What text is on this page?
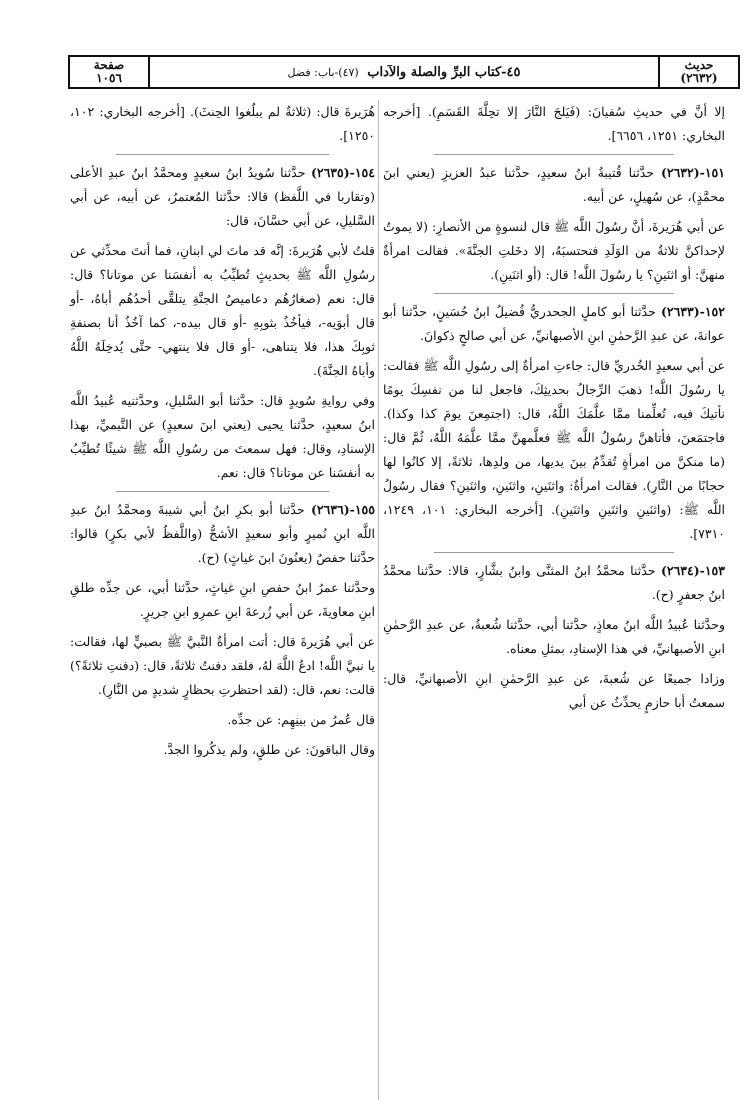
حديث
(٢٦٣٢)
٤٥-كتاب البرِّ والصلة والآداب (٤٧)-باب: فضل
صفحة
١٠٥٦

إلا أنَّ في حديثِ سُفيانَ: (فَيَلجَ النَّارَ إلا تحِلَّةَ القَسَمِ). [أخرجه البخاري: ١٢٥١، ٦٦٥٦].

١٥١-(٢٦٣٢) حدَّثنا قُتيبةُ ابنُ سعيدٍ، حدَّثنا عبدُ العزيزِ (يعني ابنَ محمَّدٍ)، عن سُهيلٍ، عن أبيه.

عن أبي هُرَيرةَ، أنَّ رسُولَ اللَّه ﷺ قال لنسوةٍ من الأنصارِ: (لا يموتُ لإحداكنَّ ثلاثةٌ من الوَلَدِ فتحتسبَهُ، إلا دخَلتِ الجنَّةَ». فقالت امرأةٌ منهنَّ: أو اثنَينِ؟ يا رسُولَ اللَّه! قال: (أو اثنَينِ).

١٥٢-(٢٦٣٣) حدَّثنا أبو كاملٍ الجحدريُّ فُضيلُ ابنُ حُسَينٍ، حدَّثنا أبو عوانةَ، عن عبدِ الرَّحمٰنِ ابنِ الأصبهانيِّ، عن أبي صالحٍ ذكوانَ.

عن أبي سعيدٍ الخُدريِّ قال: جاءتِ امرأةٌ إلى رسُولِ اللَّه ﷺ فقالت: يا رسُولَ اللَّه! ذهبَ الرِّجالُ بحديثِكَ، فاجعل لنا من نفسِكَ يومًا نأتيكَ فيه، تُعلِّمنا ممَّا علَّمَكَ اللَّهُ، قال: (اجتمِعنَ يومَ كذا وكذا). فاجتمَعنَ، فأتاهنَّ رسُولُ اللَّه ﷺ فعلَّمهنَّ ممَّا علَّمَهُ اللَّهُ، ثُمَّ قال: (ما منكنَّ من امرأةٍ تُقدِّمُ بينَ يديها، من ولدِها، ثلاثةً، إلا كانُوا لها حجابًا من النَّارِ). فقالت امرأةٌ: واثنَينِ، واثنَينِ، واثنَينِ؟ فقال رسُولُ اللَّه ﷺ: (واثنَينِ واثنَينِ واثنَينِ). [أخرجه البخاري: ١٠١، ١٢٤٩، ٧٣١٠].

١٥٣-(٢٦٣٤) حدَّثنا محمَّدُ ابنُ المثنَّى وابنُ بشَّارٍ، قالا: حدَّثنا محمَّدُ ابنُ جعفرٍ (ح).

وحدَّثنا عُبيدُ اللَّه ابنُ معاذٍ، حدَّثنا أبي، حدَّثنا شُعبةُ، عن عبدِ الرَّحمٰنِ ابنِ الأصبهانيِّ، في هذا الإسنادِ، بمثلِ معناه.

وزادا جميعًا عن شُعبةَ، عن عبدِ الرَّحمٰنِ ابنِ الأصبهانيِّ، قال: سمعتُ أبا حازمٍ يحدِّثُ عن أبي

هُرَيرةَ قال: (ثلاثةٌ لم يبلُغوا الحِنثَ). [أخرجه البخاري: ١٠٢، ١٢٥٠].

١٥٤-(٢٦٣٥) حدَّثنا سُويدُ ابنُ سعيدٍ ومحمَّدُ ابنُ عبدِ الأعلى (وتقاربا في اللَّفظ) قالا: حدَّثنا المُعتمرُ، عن أبيه، عن أبي السَّليلِ، عن أبي حسَّانَ، قال:

قلتُ لأبي هُرَيرةَ: إنَّه قد ماتَ لي ابنانِ، فما أنتَ محدِّثي عن رسُولِ اللَّه ﷺ بحديثٍ تُطيِّبُ به أنفسَنا عن موتانا؟ قال: قال: نعم (صغارُهُم دعاميصُ الجنَّةِ يتلقَّى أحدُهُم أباهُ، -أو قال أبوَيه-، فيأخُذُ بثوبِهِ -أو قال بيده-، كما آخُذُ أنا بصنفةِ ثوبِكَ هذا، فلا يتناهى، -أو قال فلا ينتهي- حتَّى يُدخِلَهُ اللَّهُ وأباهُ الجنَّةَ).

وفي روايةِ سُويدٍ قال: حدَّثنا أبو السَّليلِ، وحدَّثنيه عُبيدُ اللَّه ابنُ سعيدٍ، حدَّثنا يحيى (يعني ابنَ سعيدٍ) عن التَّيميِّ، بهذا الإسنادِ، وقال: فهل سمعتَ من رسُولِ اللَّه ﷺ شيئًا تُطيِّبُ به أنفسَنا عن موتانا؟ قال: نعم.

١٥٥-(٢٦٣٦) حدَّثنا أبو بكرِ ابنُ أبي شيبةَ ومحمَّدُ ابنُ عبدِ اللَّه ابنِ نُميرٍ وأبو سعيدٍ الأشجُّ (واللَّفظُ لأبي بكرٍ) قالوا: حدَّثنا حفصٌ (يعنُونَ ابنَ غياثٍ) (ح).

وحدَّثنا عمرُ ابنُ حفصِ ابنِ غياثٍ، حدَّثنا أبي، عن جدِّه طلقِ ابنِ معاويةَ، عن أبي زُرعةَ ابنِ عمرِو ابنِ جريرٍ.

عن أبي هُرَيرةَ قال: أتت امرأةٌ النَّبيَّ ﷺ بصبيٍّ لها، فقالت: يا نبيَّ اللَّه! ادعُ اللَّهَ لهُ، فلقد دفنتُ ثلاثةً، قال: (دفنتِ ثلاثةً؟) قالت: نعم، قال: (لقد احتظرتِ بحظارٍ شديدٍ من النَّارِ).

قال عُمرُ من بينِهِم: عن جدِّه.

وقال الباقونَ: عن طلقٍ، ولم يذكُروا الجدَّ.
